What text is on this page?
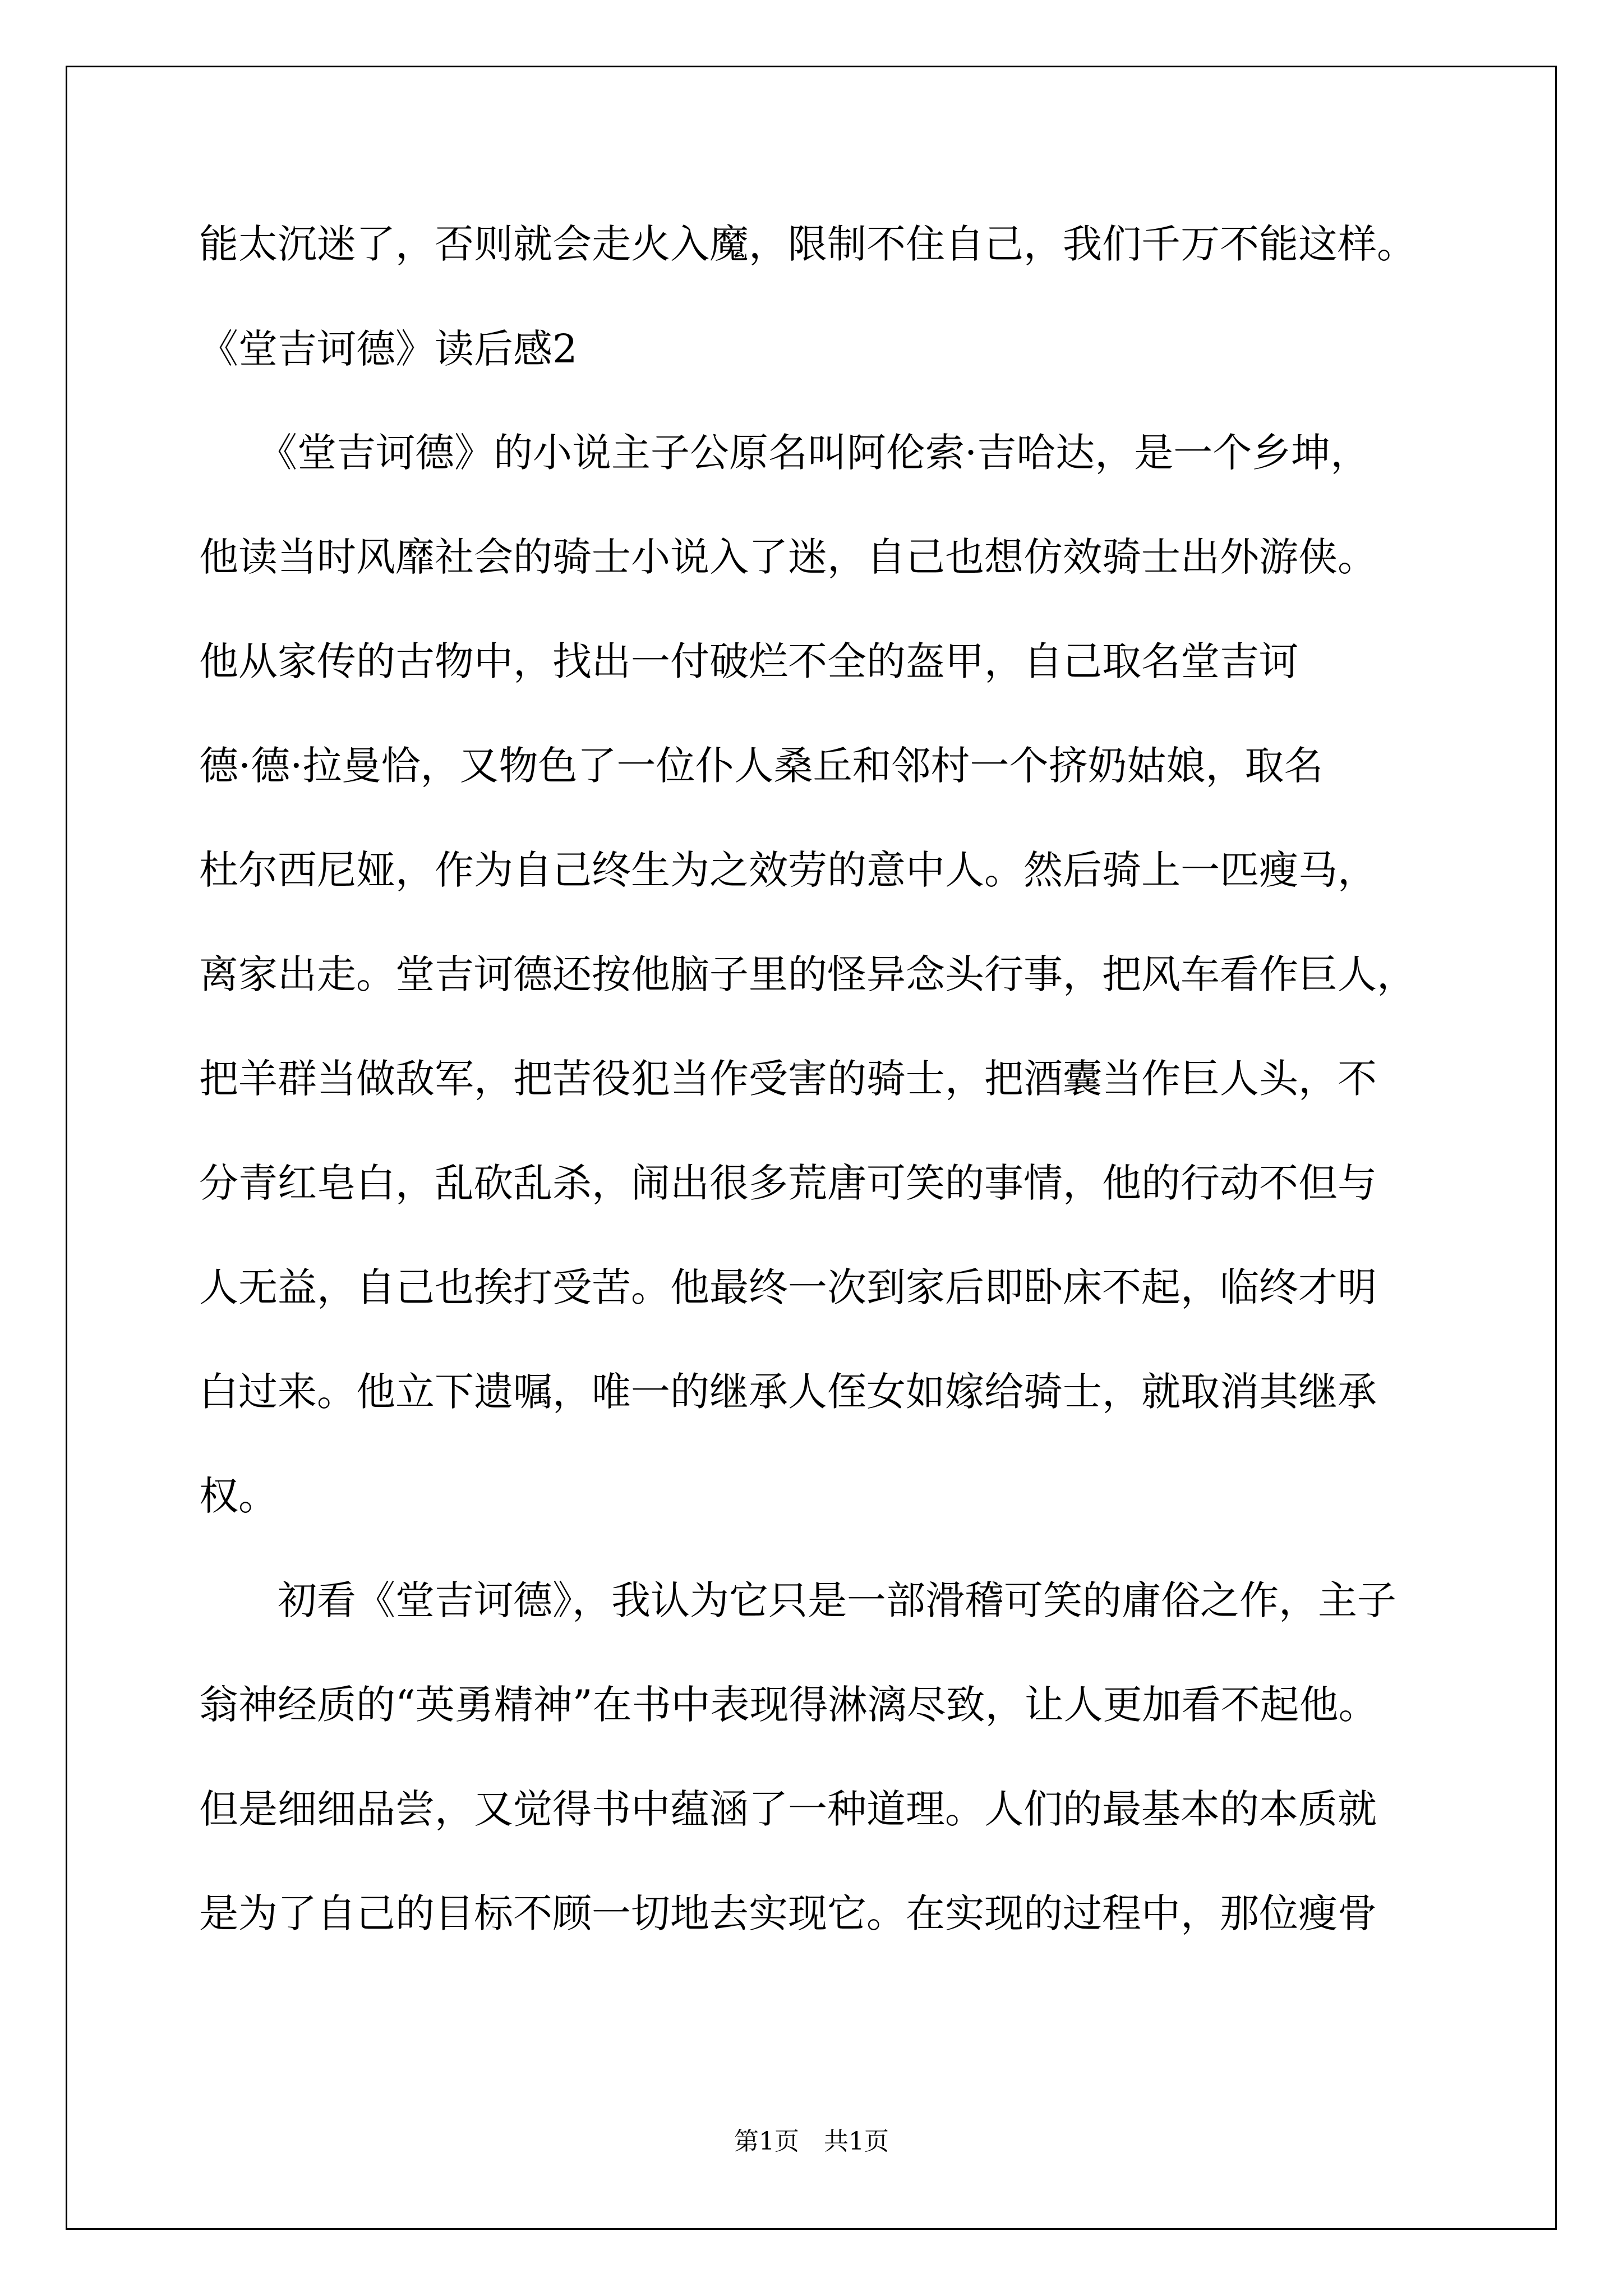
能太沉迷了，否则就会走火入魔，限制不住自己，我们千万不能这样。

《堂吉诃德》读后感2

　　《堂吉诃德》的小说主子公原名叫阿伦索·吉哈达，是一个乡坤，

他读当时风靡社会的骑士小说入了迷，自己也想仿效骑士出外游侠。

他从家传的古物中，找出一付破烂不全的盔甲，自己取名堂吉诃

德·德·拉曼恰，又物色了一位仆人桑丘和邻村一个挤奶姑娘，取名

杜尔西尼娅，作为自己终生为之效劳的意中人。然后骑上一匹瘦马，

离家出走。堂吉诃德还按他脑子里的怪异念头行事，把风车看作巨人，

把羊群当做敌军，把苦役犯当作受害的骑士，把酒囊当作巨人头，不

分青红皂白，乱砍乱杀，闹出很多荒唐可笑的事情，他的行动不但与

人无益，自己也挨打受苦。他最终一次到家后即卧床不起，临终才明

白过来。他立下遗嘱，唯一的继承人侄女如嫁给骑士，就取消其继承

权。

　　初看《堂吉诃德》，我认为它只是一部滑稽可笑的庸俗之作，主子

翁神经质的“英勇精神”在书中表现得淋漓尽致，让人更加看不起他。

但是细细品尝，又觉得书中蕴涵了一种道理。人们的最基本的本质就

是为了自己的目标不顾一切地去实现它。在实现的过程中，那位瘦骨

第1页　共1页
